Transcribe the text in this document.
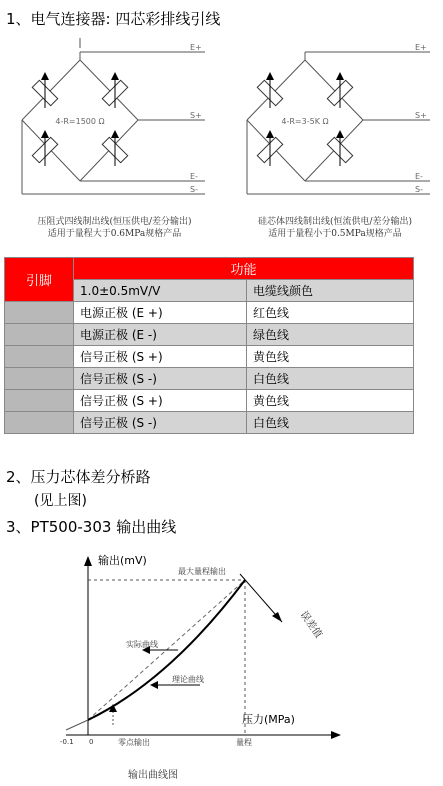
1、电气连接器: 四芯彩排线引线
4-R=1500 Ω
E+
S+
E-
S-
4-R=3-5K Ω
E+
S+
E-
S-
压阻式四线制出线(恒压供电/差分输出)
适用于量程大于0.6MPa规格产品
硅芯体四线制出线(恒流供电/差分输出)
适用于量程小于0.5MPa规格产品
引脚	功能	
	1.0±0.5mV/V	电缆线颜色
	电源正极 (E +)	红色线
	电源正极 (E -)	绿色线
	信号正极 (S +)	黄色线
	信号正极 (S -)	白色线
	信号正极 (S +)	黄色线
	信号正极 (S -)	白色线
2、压力芯体差分桥路
(见上图)
3、PT500-303 输出曲线
输出(mV)
压力(MPa)
最大量程输出
误差值
实际曲线
理论曲线
零点输出	量程
-0.1 0
输出曲线图
